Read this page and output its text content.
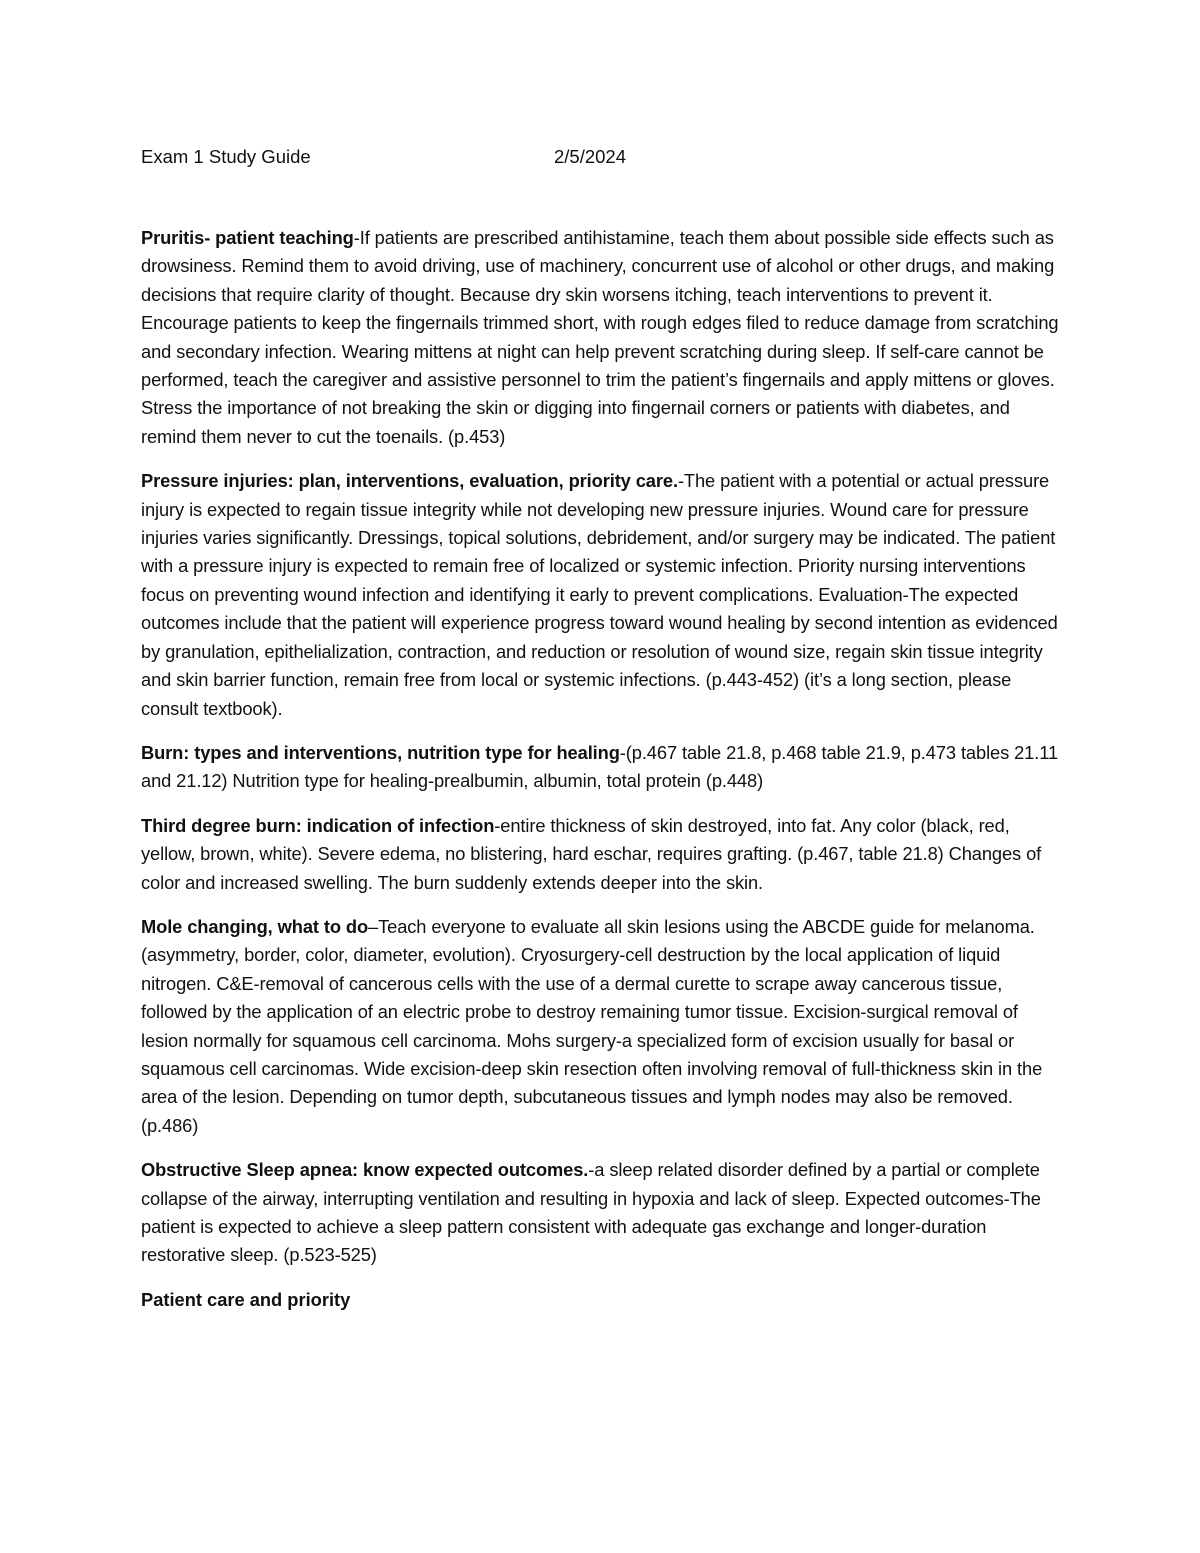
Exam 1 Study Guide	2/5/2024

Pruritis- patient teaching-If patients are prescribed antihistamine, teach them about possible side effects such as drowsiness. Remind them to avoid driving, use of machinery, concurrent use of alcohol or other drugs, and making decisions that require clarity of thought. Because dry skin worsens itching, teach interventions to prevent it. Encourage patients to keep the fingernails trimmed short, with rough edges filed to reduce damage from scratching and secondary infection. Wearing mittens at night can help prevent scratching during sleep. If self-care cannot be performed, teach the caregiver and assistive personnel to trim the patient’s fingernails and apply mittens or gloves. Stress the importance of not breaking the skin or digging into fingernail corners or patients with diabetes, and remind them never to cut the toenails. (p.453)

Pressure injuries: plan, interventions, evaluation, priority care.-The patient with a potential or actual pressure injury is expected to regain tissue integrity while not developing new pressure injuries. Wound care for pressure injuries varies significantly. Dressings, topical solutions, debridement, and/or surgery may be indicated. The patient with a pressure injury is expected to remain free of localized or systemic infection. Priority nursing interventions focus on preventing wound infection and identifying it early to prevent complications. Evaluation-The expected outcomes include that the patient will experience progress toward wound healing by second intention as evidenced by granulation, epithelialization, contraction, and reduction or resolution of wound size, regain skin tissue integrity and skin barrier function, remain free from local or systemic infections. (p.443-452) (it’s a long section, please consult textbook).

Burn: types and interventions, nutrition type for healing-(p.467 table 21.8, p.468 table 21.9, p.473 tables 21.11 and 21.12) Nutrition type for healing-prealbumin, albumin, total protein (p.448)

Third degree burn: indication of infection-entire thickness of skin destroyed, into fat. Any color (black, red, yellow, brown, white). Severe edema, no blistering, hard eschar, requires grafting. (p.467, table 21.8) Changes of color and increased swelling. The burn suddenly extends deeper into the skin.

Mole changing, what to do–Teach everyone to evaluate all skin lesions using the ABCDE guide for melanoma. (asymmetry, border, color, diameter, evolution). Cryosurgery-cell destruction by the local application of liquid nitrogen. C&E-removal of cancerous cells with the use of a dermal curette to scrape away cancerous tissue, followed by the application of an electric probe to destroy remaining tumor tissue. Excision-surgical removal of lesion normally for squamous cell carcinoma. Mohs surgery-a specialized form of excision usually for basal or squamous cell carcinomas. Wide excision-deep skin resection often involving removal of full-thickness skin in the area of the lesion. Depending on tumor depth, subcutaneous tissues and lymph nodes may also be removed. (p.486)

Obstructive Sleep apnea: know expected outcomes.-a sleep related disorder defined by a partial or complete collapse of the airway, interrupting ventilation and resulting in hypoxia and lack of sleep. Expected outcomes-The patient is expected to achieve a sleep pattern consistent with adequate gas exchange and longer-duration restorative sleep. (p.523-525)

Patient care and priority
